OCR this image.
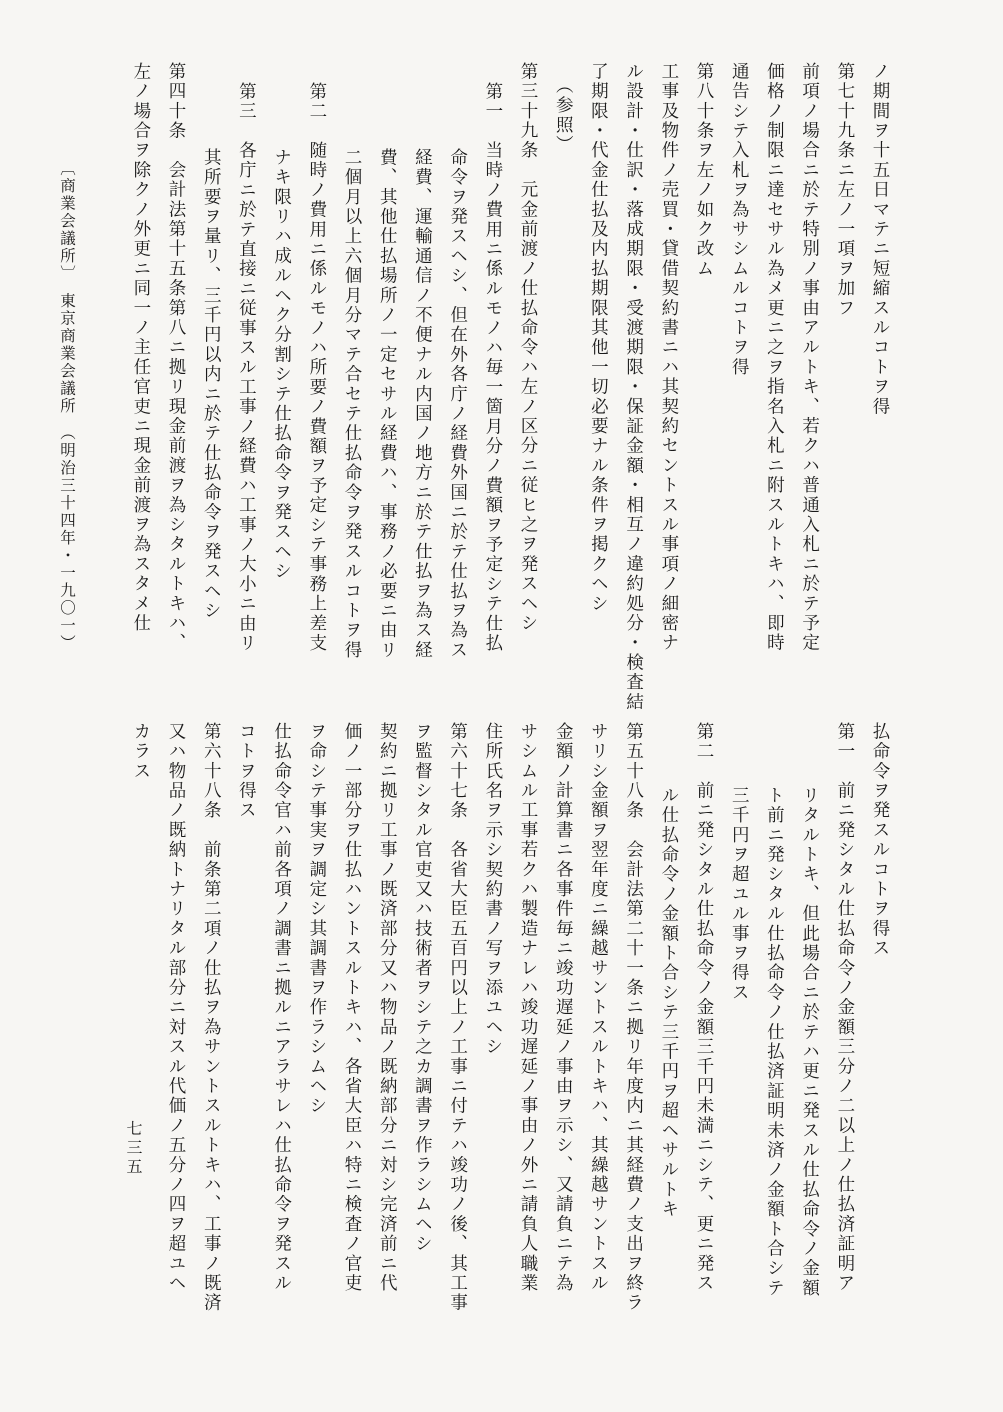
ノ期間ヲ十五日マテニ短縮スルコトヲ得
第七十九条ニ左ノ一項ヲ加フ
前項ノ場合ニ於テ特別ノ事由アルトキ、若クハ普通入札ニ於テ予定
価格ノ制限ニ達セサル為メ更ニ之ヲ指名入札ニ附スルトキハ、即時
通告シテ入札ヲ為サシムルコトヲ得
第八十条ヲ左ノ如ク改ム
工事及物件ノ売買・貸借契約書ニハ其契約セントスル事項ノ細密ナ
ル設計・仕訳・落成期限・受渡期限・保証金額・相互ノ違約処分・検査結
了期限・代金仕払及内払期限其他一切必要ナル条件ヲ掲クヘシ
（参照）
第三十九条　元金前渡ノ仕払命令ハ左ノ区分ニ従ヒ之ヲ発スヘシ
第一　当時ノ費用ニ係ルモノハ毎一箇月分ノ費額ヲ予定シテ仕払
命令ヲ発スヘシ、但在外各庁ノ経費外国ニ於テ仕払ヲ為ス
経費、運輸通信ノ不便ナル内国ノ地方ニ於テ仕払ヲ為ス経
費、其他仕払場所ノ一定セサル経費ハ、事務ノ必要ニ由リ
二個月以上六個月分マテ合セテ仕払命令ヲ発スルコトヲ得
第二　随時ノ費用ニ係ルモノハ所要ノ費額ヲ予定シテ事務上差支
ナキ限リハ成ルヘク分割シテ仕払命令ヲ発スヘシ
第三　各庁ニ於テ直接ニ従事スル工事ノ経費ハ工事ノ大小ニ由リ
其所要ヲ量リ、三千円以内ニ於テ仕払命令ヲ発スヘシ
第四十条　会計法第十五条第八ニ拠リ現金前渡ヲ為シタルトキハ、
左ノ場合ヲ除クノ外更ニ同一ノ主任官吏ニ現金前渡ヲ為スタメ仕
払命令ヲ発スルコトヲ得ス
第一　前ニ発シタル仕払命令ノ金額三分ノ二以上ノ仕払済証明ア
リタルトキ、但此場合ニ於テハ更ニ発スル仕払命令ノ金額
ト前ニ発シタル仕払命令ノ仕払済証明未済ノ金額ト合シテ
三千円ヲ超ユル事ヲ得ス
第二　前ニ発シタル仕払命令ノ金額三千円未満ニシテ、更ニ発ス
ル仕払命令ノ金額ト合シテ三千円ヲ超ヘサルトキ
第五十八条　会計法第二十一条ニ拠リ年度内ニ其経費ノ支出ヲ終ラ
サリシ金額ヲ翌年度ニ繰越サントスルトキハ、其繰越サントスル
金額ノ計算書ニ各事件毎ニ竣功遅延ノ事由ヲ示シ、又請負ニテ為
サシムル工事若クハ製造ナレハ竣功遅延ノ事由ノ外ニ請負人職業
住所氏名ヲ示シ契約書ノ写ヲ添ユヘシ
第六十七条　各省大臣五百円以上ノ工事ニ付テハ竣功ノ後、其工事
ヲ監督シタル官吏又ハ技術者ヲシテ之カ調書ヲ作ラシムヘシ
契約ニ拠リ工事ノ既済部分又ハ物品ノ既納部分ニ対シ完済前ニ代
価ノ一部分ヲ仕払ハントスルトキハ、各省大臣ハ特ニ検査ノ官吏
ヲ命シテ事実ヲ調定シ其調書ヲ作ラシムヘシ
仕払命令官ハ前各項ノ調書ニ拠ルニアラサレハ仕払命令ヲ発スル
コトヲ得ス
第六十八条　前条第二項ノ仕払ヲ為サントスルトキハ、工事ノ既済
又ハ物品ノ既納トナリタル部分ニ対スル代価ノ五分ノ四ヲ超ユヘ
カラス
〔商業会議所〕　東京商業会議所　（明治三十四年・一九〇一）
七三五
